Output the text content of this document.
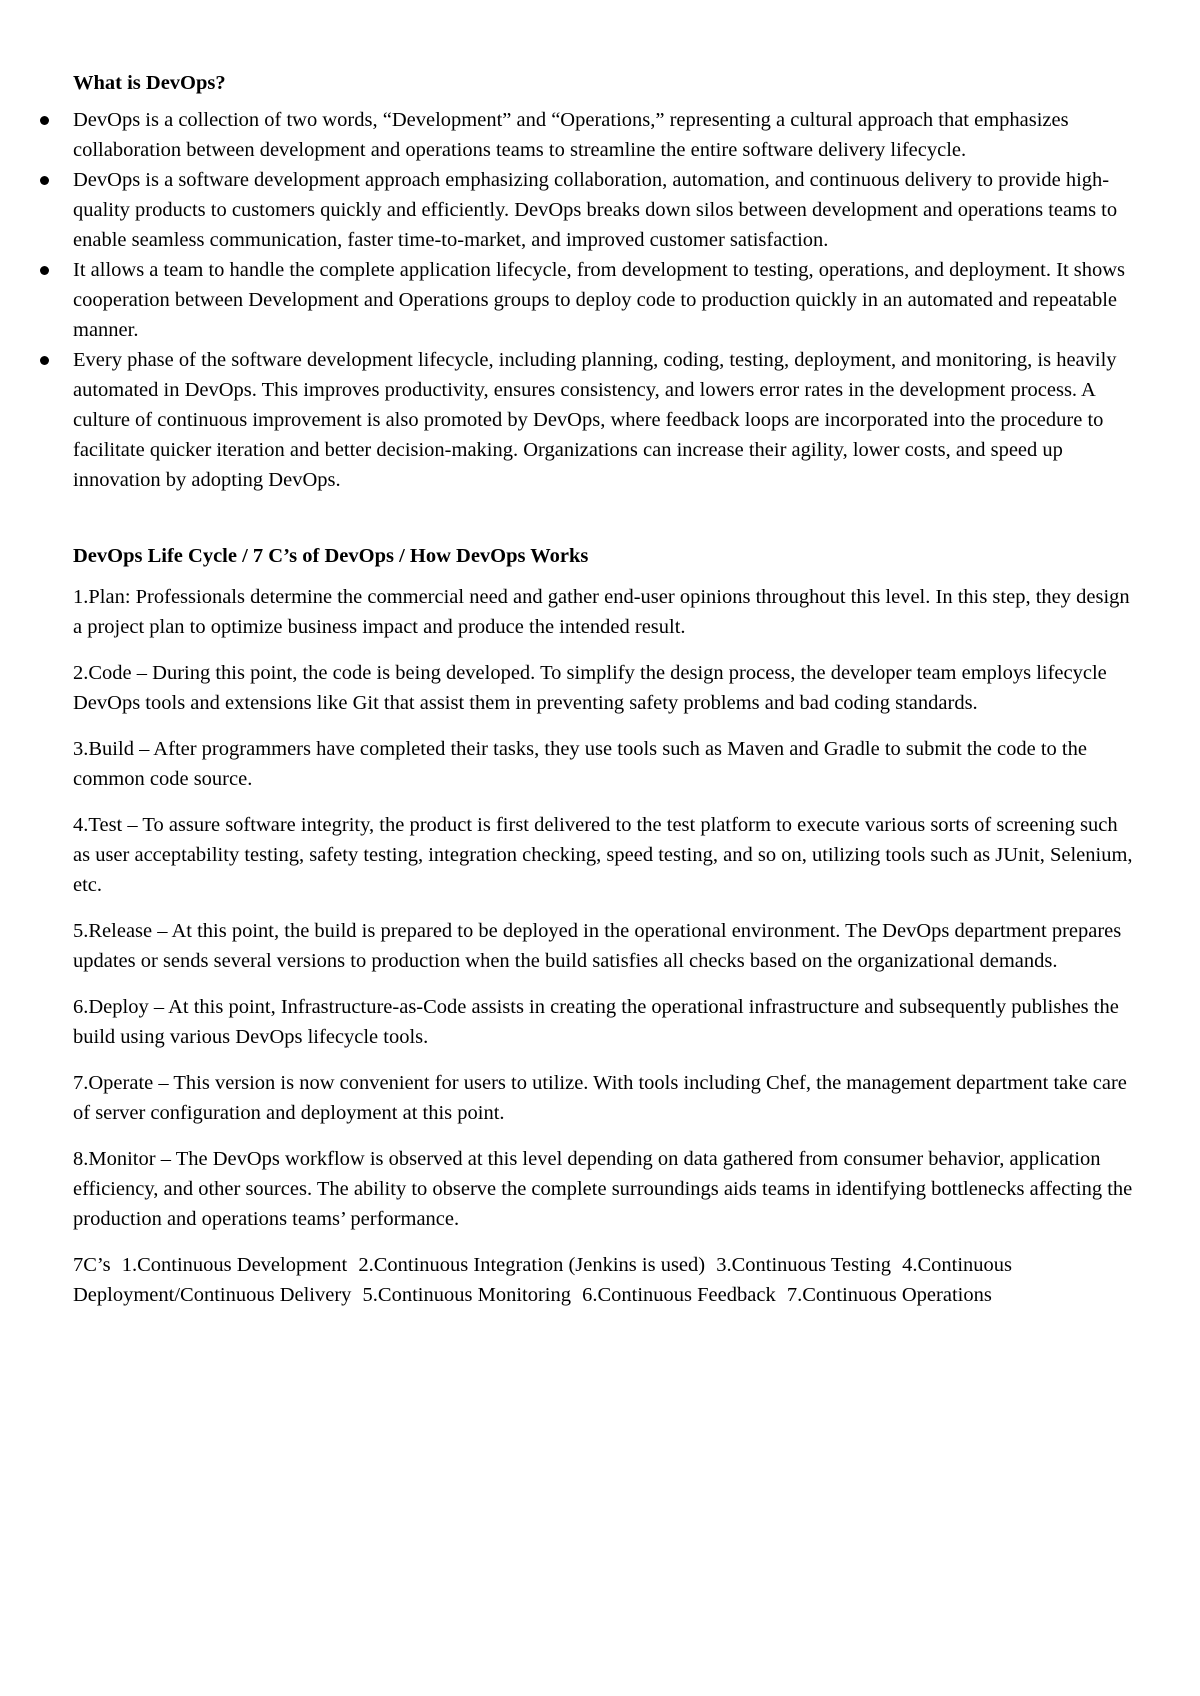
What is DevOps?
DevOps is a collection of two words, “Development” and “Operations,” representing a cultural approach that emphasizes collaboration between development and operations teams to streamline the entire software delivery lifecycle.
DevOps is a software development approach emphasizing collaboration, automation, and continuous delivery to provide high-quality products to customers quickly and efficiently. DevOps breaks down silos between development and operations teams to enable seamless communication, faster time-to-market, and improved customer satisfaction.
It allows a team to handle the complete application lifecycle, from development to testing, operations, and deployment. It shows cooperation between Development and Operations groups to deploy code to production quickly in an automated and repeatable manner.
Every phase of the software development lifecycle, including planning, coding, testing, deployment, and monitoring, is heavily automated in DevOps. This improves productivity, ensures consistency, and lowers error rates in the development process. A culture of continuous improvement is also promoted by DevOps, where feedback loops are incorporated into the procedure to facilitate quicker iteration and better decision-making. Organizations can increase their agility, lower costs, and speed up innovation by adopting DevOps.
DevOps Life Cycle / 7 C’s of DevOps / How DevOps Works

1.Plan: Professionals determine the commercial need and gather end-user opinions throughout this level. In this step, they design a project plan to optimize business impact and produce the intended result.

2.Code – During this point, the code is being developed. To simplify the design process, the developer team employs lifecycle DevOps tools and extensions like Git that assist them in preventing safety problems and bad coding standards.

3.Build – After programmers have completed their tasks, they use tools such as Maven and Gradle to submit the code to the common code source.

4.Test – To assure software integrity, the product is first delivered to the test platform to execute various sorts of screening such as user acceptability testing, safety testing, integration checking, speed testing, and so on, utilizing tools such as JUnit, Selenium, etc.

5.Release – At this point, the build is prepared to be deployed in the operational environment. The DevOps department prepares updates or sends several versions to production when the build satisfies all checks based on the organizational demands.

6.Deploy – At this point, Infrastructure-as-Code assists in creating the operational infrastructure and subsequently publishes the build using various DevOps lifecycle tools.

7.Operate – This version is now convenient for users to utilize. With tools including Chef, the management department take care of server configuration and deployment at this point.

8.Monitor – The DevOps workflow is observed at this level depending on data gathered from consumer behavior, application efficiency, and other sources. The ability to observe the complete surroundings aids teams in identifying bottlenecks affecting the production and operations teams’ performance.

7C’s 1.Continuous Development 2.Continuous Integration (Jenkins is used) 3.Continuous Testing 4.Continuous Deployment/Continuous Delivery 5.Continuous Monitoring 6.Continuous Feedback 7.Continuous Operations
